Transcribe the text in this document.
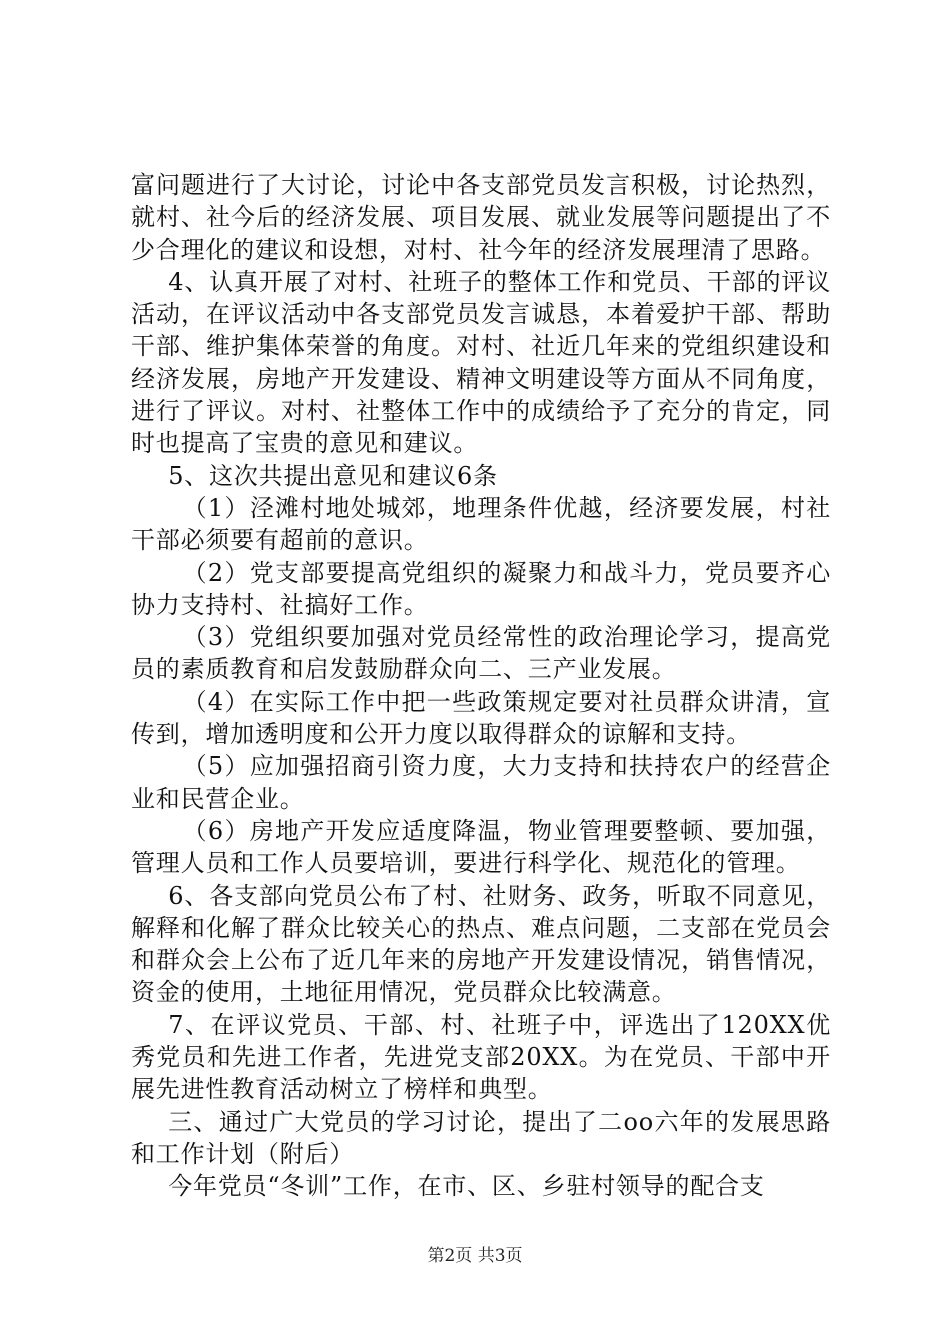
富问题进行了大讨论，讨论中各支部党员发言积极，讨论热烈，就村、社今后的经济发展、项目发展、就业发展等问题提出了不少合理化的建议和设想，对村、社今年的经济发展理清了思路。

4、认真开展了对村、社班子的整体工作和党员、干部的评议活动，在评议活动中各支部党员发言诚恳，本着爱护干部、帮助干部、维护集体荣誉的角度。对村、社近几年来的党组织建设和经济发展，房地产开发建设、精神文明建设等方面从不同角度，进行了评议。对村、社整体工作中的成绩给予了充分的肯定，同时也提高了宝贵的意见和建议。

5、这次共提出意见和建议6条

（1）泾滩村地处城郊，地理条件优越，经济要发展，村社干部必须要有超前的意识。

（2）党支部要提高党组织的凝聚力和战斗力，党员要齐心协力支持村、社搞好工作。

（3）党组织要加强对党员经常性的政治理论学习，提高党员的素质教育和启发鼓励群众向二、三产业发展。

（4）在实际工作中把一些政策规定要对社员群众讲清，宣传到，增加透明度和公开力度以取得群众的谅解和支持。

（5）应加强招商引资力度，大力支持和扶持农户的经营企业和民营企业。

（6）房地产开发应适度降温，物业管理要整顿、要加强，管理人员和工作人员要培训，要进行科学化、规范化的管理。

6、各支部向党员公布了村、社财务、政务，听取不同意见，解释和化解了群众比较关心的热点、难点问题，二支部在党员会和群众会上公布了近几年来的房地产开发建设情况，销售情况，资金的使用，土地征用情况，党员群众比较满意。

7、在评议党员、干部、村、社班子中，评选出了120XX优秀党员和先进工作者，先进党支部20XX。为在党员、干部中开展先进性教育活动树立了榜样和典型。

三、通过广大党员的学习讨论，提出了二oo六年的发展思路和工作计划（附后）

今年党员“冬训”工作，在市、区、乡驻村领导的配合支

第2页 共3页
